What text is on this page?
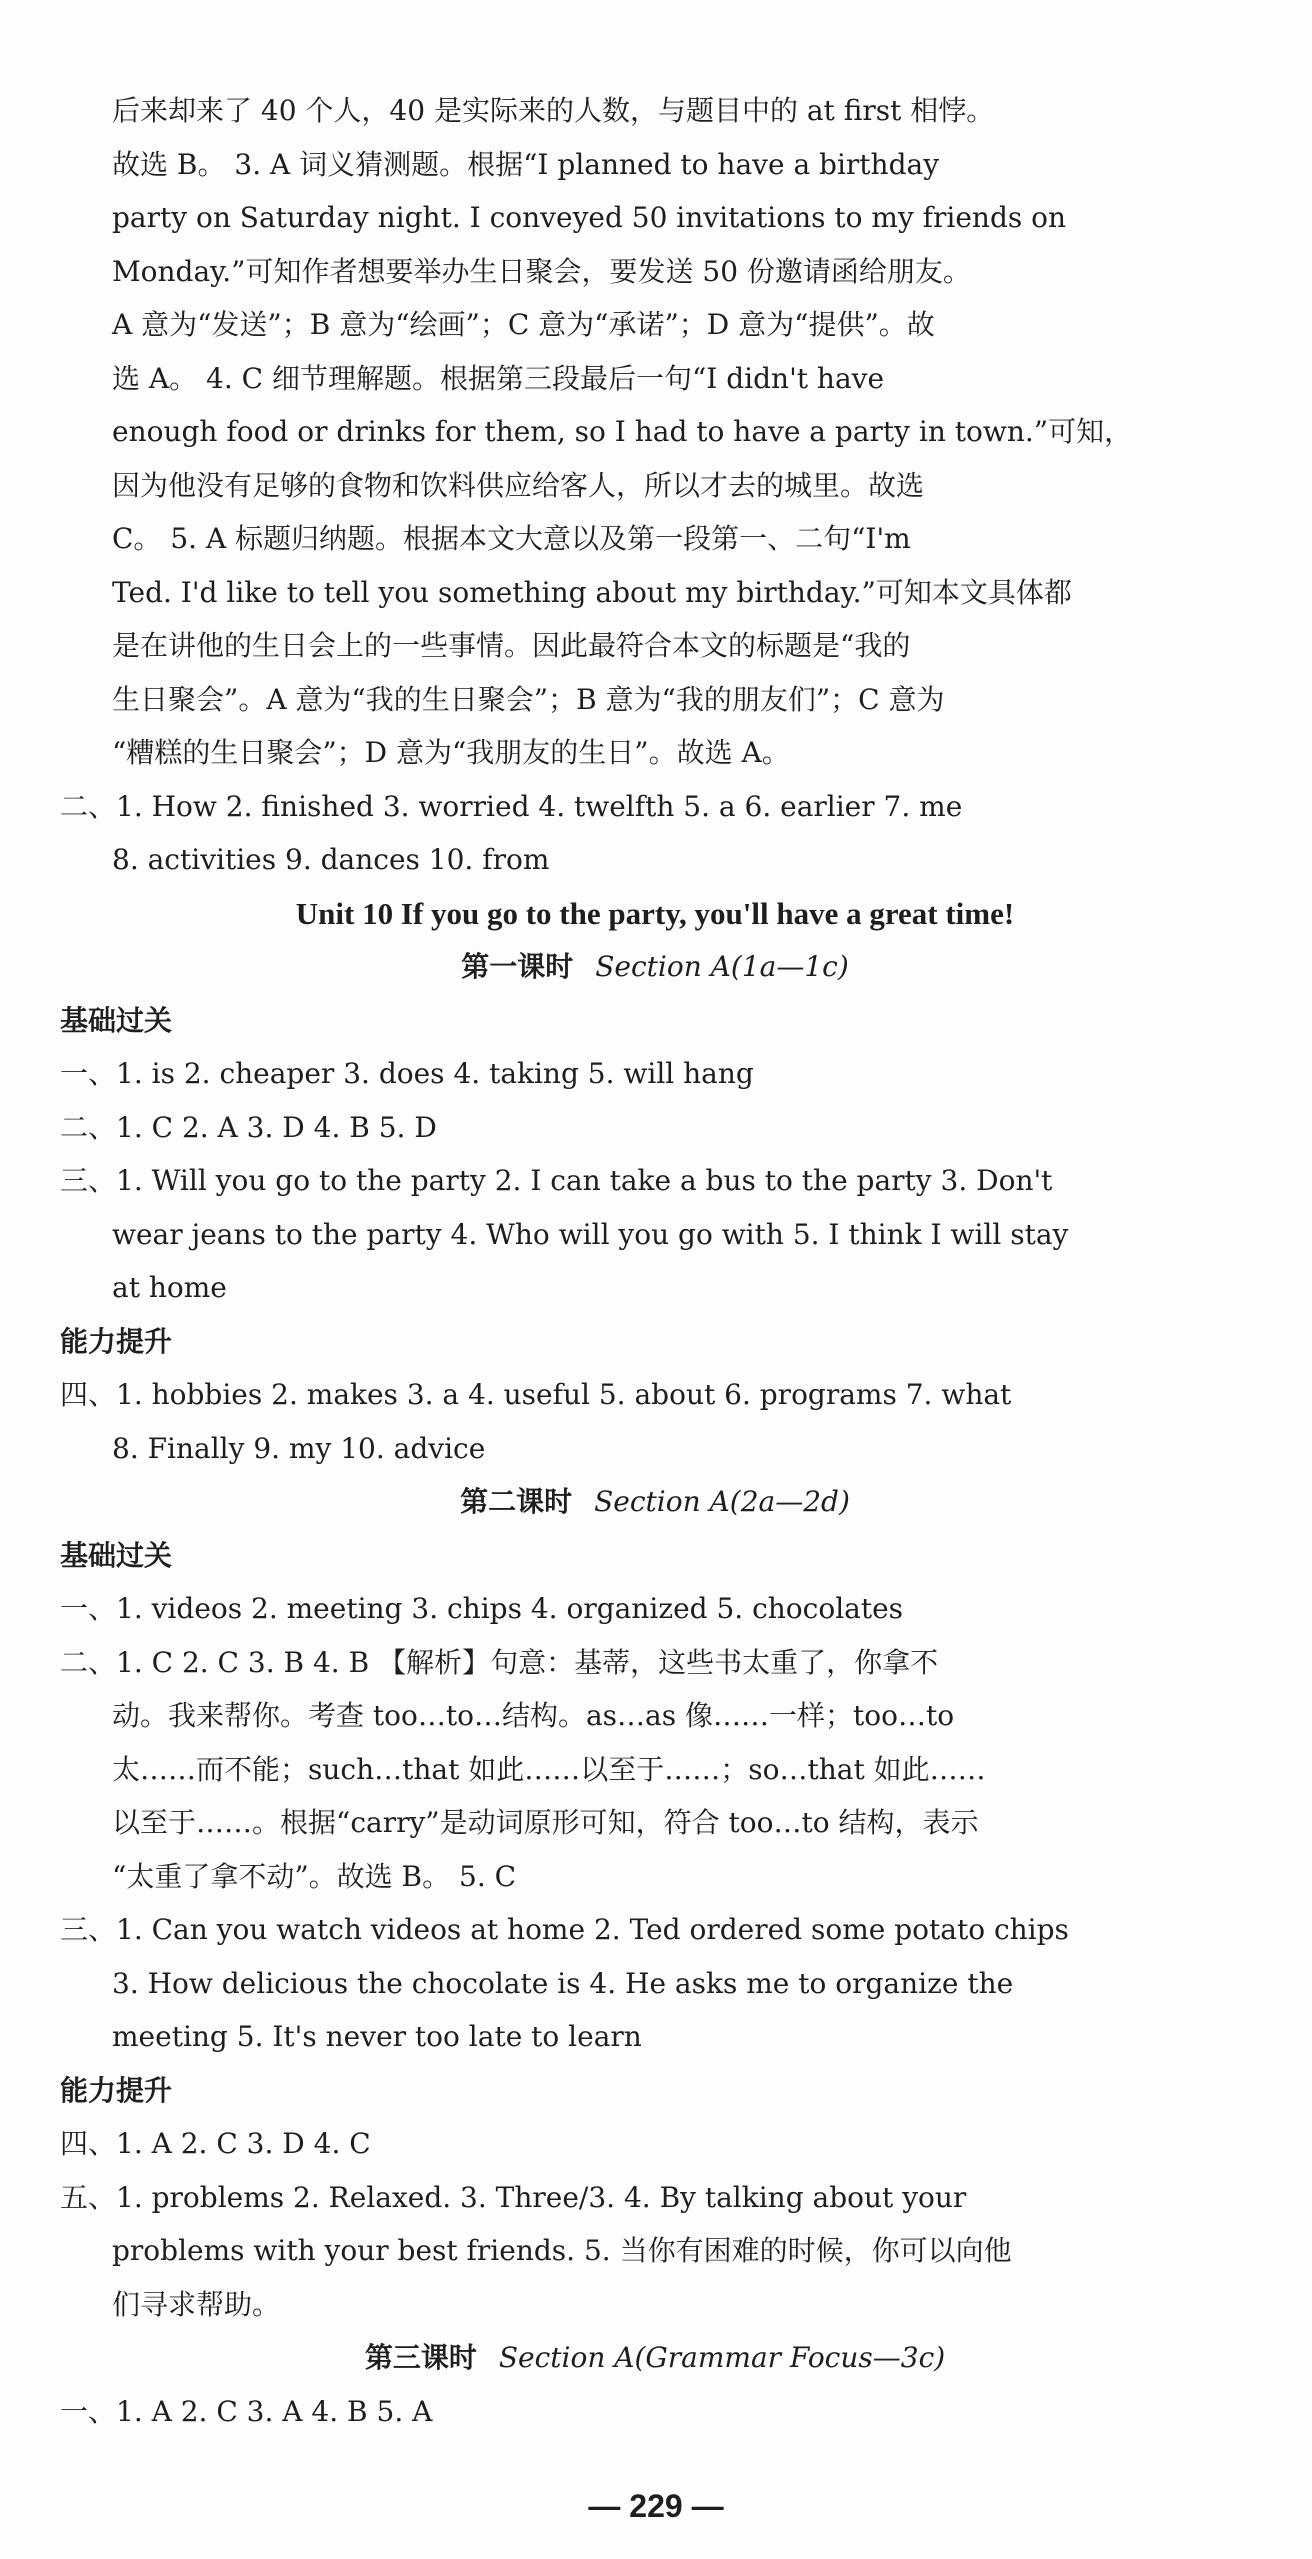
后来却来了 40 个人，40 是实际来的人数，与题目中的 at first 相悖。
故选 B。 3. A 词义猜测题。根据“I planned to have a birthday
party on Saturday night. I conveyed 50 invitations to my friends on
Monday.”可知作者想要举办生日聚会，要发送 50 份邀请函给朋友。
A 意为“发送”；B 意为“绘画”；C 意为“承诺”；D 意为“提供”。故
选 A。 4. C 细节理解题。根据第三段最后一句“I didn't have
enough food or drinks for them, so I had to have a party in town.”可知，
因为他没有足够的食物和饮料供应给客人，所以才去的城里。故选
C。 5. A 标题归纳题。根据本文大意以及第一段第一、二句“I'm
Ted. I'd like to tell you something about my birthday.”可知本文具体都
是在讲他的生日会上的一些事情。因此最符合本文的标题是“我的
生日聚会”。A 意为“我的生日聚会”；B 意为“我的朋友们”；C 意为
“糟糕的生日聚会”；D 意为“我朋友的生日”。故选 A。
二、1. How 2. finished 3. worried 4. twelfth 5. a 6. earlier 7. me
8. activities 9. dances 10. from
Unit 10 If you go to the party, you'll have a great time!
第一课时 Section A(1a—1c)
基础过关
一、1. is 2. cheaper 3. does 4. taking 5. will hang
二、1. C 2. A 3. D 4. B 5. D
三、1. Will you go to the party 2. I can take a bus to the party 3. Don't
wear jeans to the party 4. Who will you go with 5. I think I will stay
at home
能力提升
四、1. hobbies 2. makes 3. a 4. useful 5. about 6. programs 7. what
8. Finally 9. my 10. advice
第二课时 Section A(2a—2d)
基础过关
一、1. videos 2. meeting 3. chips 4. organized 5. chocolates
二、1. C 2. C 3. B 4. B 【解析】句意：基蒂，这些书太重了，你拿不
动。我来帮你。考查 too…to…结构。as…as 像……一样；too…to
太……而不能；such…that 如此……以至于……；so…that 如此……
以至于……。根据“carry”是动词原形可知，符合 too…to 结构，表示
“太重了拿不动”。故选 B。 5. C
三、1. Can you watch videos at home 2. Ted ordered some potato chips
3. How delicious the chocolate is 4. He asks me to organize the
meeting 5. It's never too late to learn
能力提升
四、1. A 2. C 3. D 4. C
五、1. problems 2. Relaxed. 3. Three/3. 4. By talking about your
problems with your best friends. 5. 当你有困难的时候，你可以向他
们寻求帮助。
第三课时 Section A(Grammar Focus—3c)
一、1. A 2. C 3. A 4. B 5. A
— 229 —
